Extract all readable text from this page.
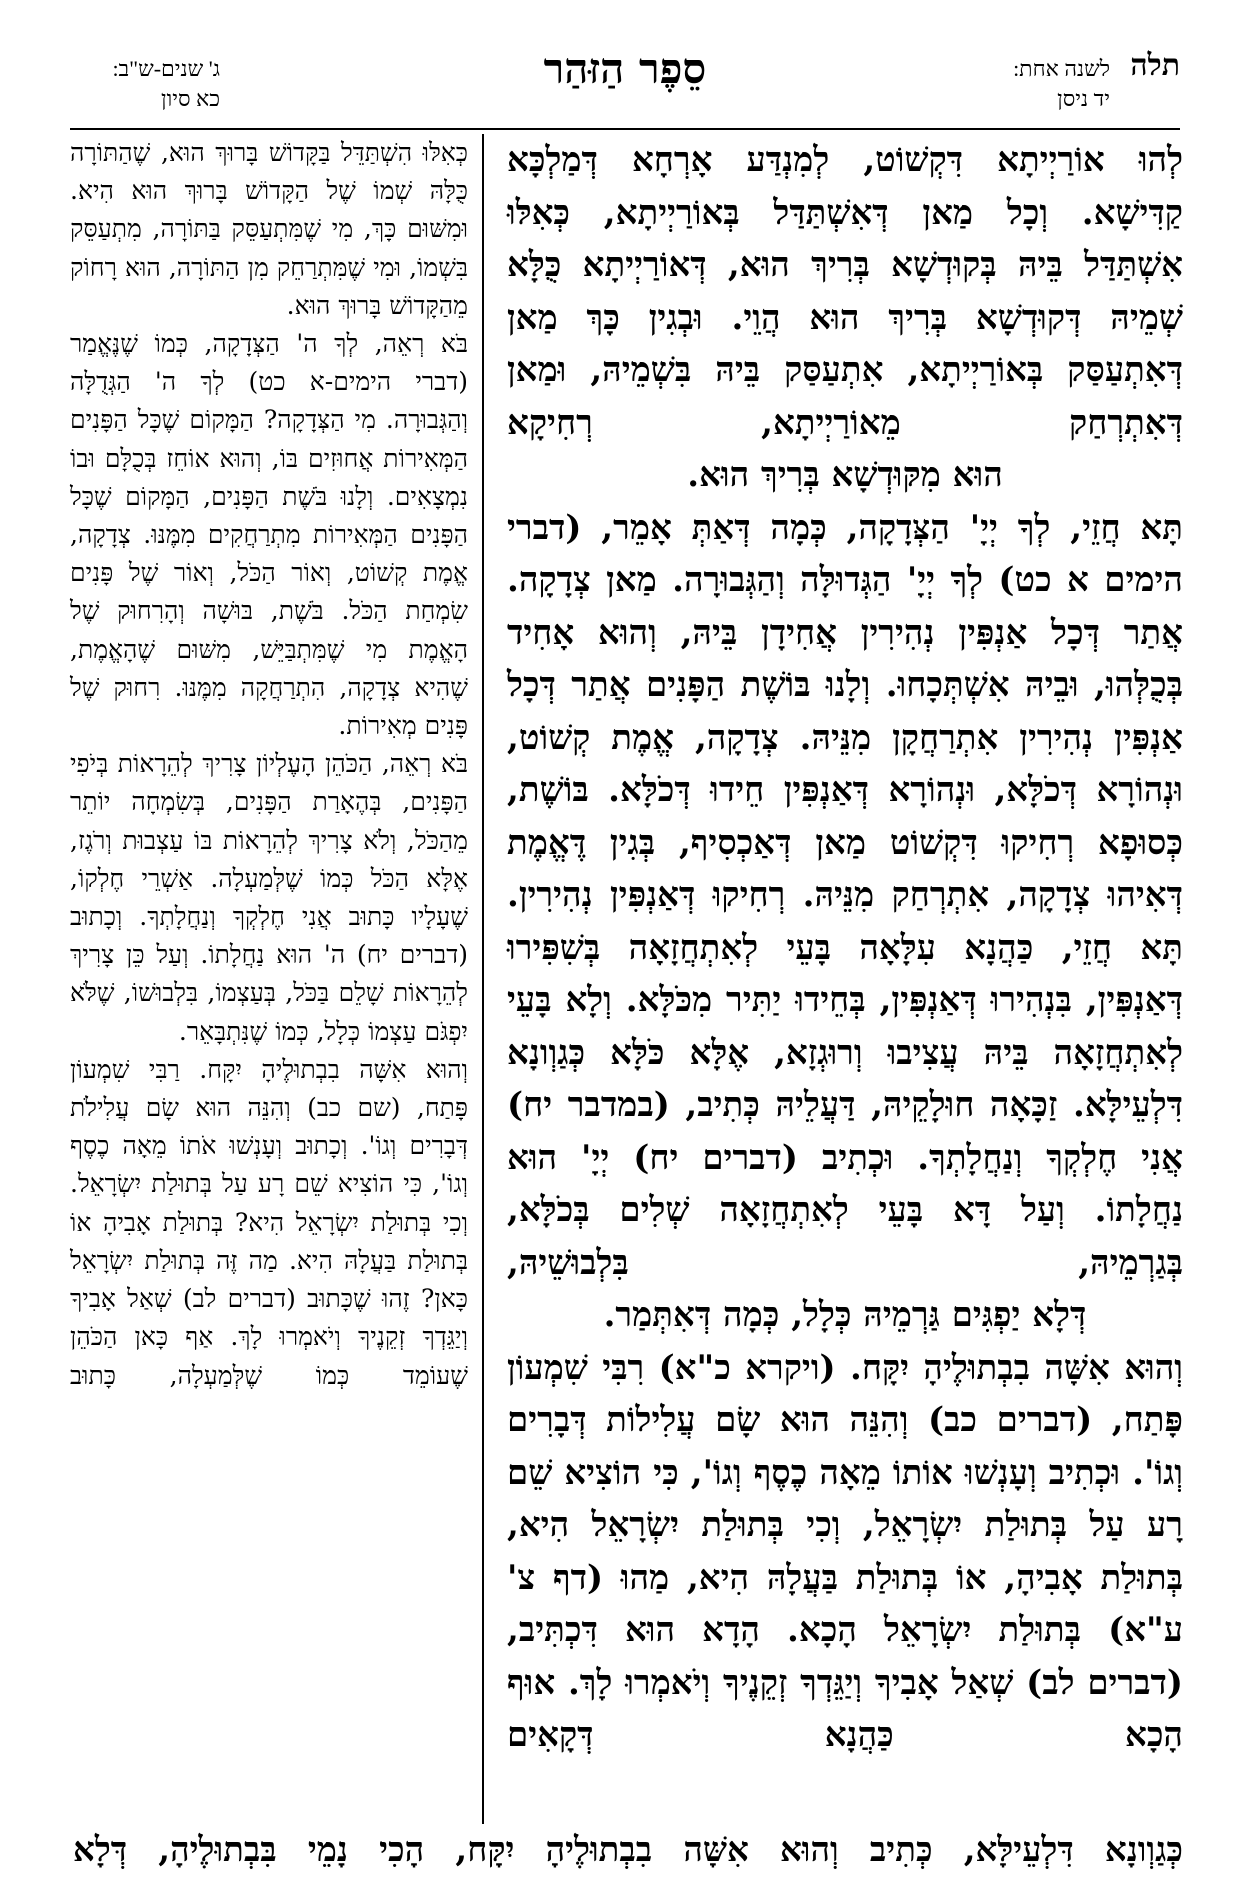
תלה
לשנה אחת:
יד ניסן
סֵפֶר הַזּהַר
ג' שנים-ש"ב:
כא סיון

לְהוּ אוֹרַיְיתָא דִּקְשׁוֹט, לְמִנְדַּע אָרְחָא דְּמַלְכָּא קַדִּישָׁא. וְכָל מַאן דְּאִשְׁתַּדַּל בְּאוֹרַיְיתָא, כְּאִלּוּ אִשְׁתַּדַּל בֵּיהּ בְּקוּדְשָׁא בְּרִיךְ הוּא, דְּאוֹרַיְיתָא כֻּלָּא שְׁמֵיהּ דְּקוּדְשָׁא בְּרִיךְ הוּא הֲוֵי. וּבְגִין כָּךְ מַאן דְּאִתְעַסַּק בְּאוֹרַיְיתָא, אִתְעַסַּק בֵּיהּ בִּשְׁמֵיהּ, וּמַאן דְּאִתְרְחַק מֵאוֹרַיְיתָא, רְחִיקָא

הוּא מִקּוּדְשָׁא בְּרִיךְ הוּא.

תָּא חֲזֵי, לְךָ יְיָ' הַצְּדָקָה, כְּמָה דְּאַתְּ אָמֵר, (דברי הימים א כט) לְךָ יְיָ' הַגְּדוּלָּה וְהַגְּבוּרָה. מַאן צְדָקָה. אֲתַר דְּכָל אַנְפִּין נְהִירִין אֲחִידָן בֵּיהּ, וְהוּא אָחִיד בְּכֻלְּהוּ, וּבֵיהּ אִשְׁתְּכָחוּ. וְלָנוּ בּוֹשֶׁת הַפָּנִים אֲתַר דְּכָל אַנְפִּין נְהִירִין אִתְרַחֲקָן מִנֵּיהּ. צְדָקָה, אֱמֶת קְשׁוֹט, וּנְהוֹרָא דְּכֹלָּא, וּנְהוֹרָא דְּאַנְפִּין חֵידוּ דְּכֹלָּא. בּוֹשֶׁת, כְּסוּפָא רְחִיקוּ דִּקְשׁוֹט מַאן דְּאַכְסִיף, בְּגִין דֶּאֱמֶת דְּאִיהוּ צְדָקָה, אִתְרְחַק מִנֵּיהּ. רְחִיקוּ דְּאַנְפִּין נְהִירִין.

תָּא חֲזֵי, כַּהֲנָא עִלָּאָה בָּעֵי לְאִתְחֲזָאָה בְּשִׁפִּירוּ דְּאַנְפִּין, בִּנְהִירוּ דְּאַנְפִּין, בְּחֵידוּ יַתִּיר מִכֹּלָּא. וְלָא בָּעֵי לְאִתְחֲזָאָה בֵּיהּ עֲצִיבוּ וְרוּגְזָא, אֶלָּא כֹּלָּא כְּגַוְונָא דִּלְעֵילָּא. זַכָּאָה חוּלָקֵיהּ, דַּעֲלֵיהּ כְּתִיב, (במדבר יח) אֲנִי חֶלְקְךָ וְנַחֲלָתְךָ. וּכְתִיב (דברים יח) יְיָ' הוּא נַחֲלָתוֹ. וְעַל דָּא בָּעֵי לְאִתְחֲזָאָה שְׁלִים בְּכֹלָּא, בְּגַרְמֵיהּ, בִּלְבוּשֵׁיהּ,

דְּלָא יַפְגִּים גַּרְמֵיהּ כְּלָל, כְּמָה דְּאִתְּמַר.

וְהוּא אִשָּׁה בִבְתוּלֶיהָ יִקָּח. (ויקרא כ"א) רִבִּי שִׁמְעוֹן פָּתַח, (דברים כב) וְהִנֵּה הוּא שָׂם עֲלִילוֹת דְּבָרִים וְגוֹ'. וּכְתִיב וְעָנְשׁוּ אוֹתוֹ מֵאָה כֶסֶף וְגוֹ', כִּי הוֹצִיא שֵׁם רָע עַל בְּתוּלַת יִשְׂרָאֵל, וְכִי בְּתוּלַת יִשְׂרָאֵל הִיא, בְּתוּלַת אָבִיהָ, אוֹ בְּתוּלַת בַּעֲלָהּ הִיא, מַהוּ (דף צ' ע"א) בְּתוּלַת יִשְׂרָאֵל הָכָא. הָדָא הוּא דִּכְתִּיב, (דברים לב) שְׁאַל אָבִיךָ וְיַגֵּדְךָ זְקֵנֶיךָ וְיֹאמְרוּ לָךְ. אוּף הָכָא כַּהֲנָא דְּקָאִים

כְּאִלּוּ הִשְׁתַּדֵּל בַּקָּדוֹשׁ בָּרוּךְ הוּא, שֶׁהַתּוֹרָה כֻּלָּהּ שְׁמוֹ שֶׁל הַקָּדוֹשׁ בָּרוּךְ הוּא הִיא. וּמִשּׁוּם כָּךְ, מִי שֶׁמִּתְעַסֵּק בַּתּוֹרָה, מִתְעַסֵּק בִּשְׁמוֹ, וּמִי שֶׁמִּתְרַחֵק מִן הַתּוֹרָה, הוּא רָחוֹק מֵהַקָּדוֹשׁ בָּרוּךְ הוּא.

בֹּא רְאֵה, לְךָ ה' הַצְּדָקָה, כְּמוֹ שֶׁנֶּאֱמַר (דברי הימים-א כט) לְךָ ה' הַגְּדֻלָּה וְהַגְּבוּרָה. מִי הַצְּדָקָה? הַמָּקוֹם שֶׁכָּל הַפָּנִים הַמְּאִירוֹת אֲחוּזִים בּוֹ, וְהוּא אוֹחֵז בְּכֻלָּם וּבוֹ נִמְצָאִים. וְלָנוּ בֹּשֶׁת הַפָּנִים, הַמָּקוֹם שֶׁכָּל הַפָּנִים הַמְּאִירוֹת מִתְרַחֲקִים מִמֶּנּוּ. צְדָקָה, אֱמֶת קְשׁוֹט, וְאוֹר הַכֹּל, וְאוֹר שֶׁל פָּנִים שִׂמְחַת הַכֹּל. בֹּשֶׁת, בּוּשָׁה וְהָרִחוּק שֶׁל הָאֱמֶת מִי שֶׁמִּתְבַּיֵּשׁ, מִשּׁוּם שֶׁהָאֱמֶת, שֶׁהִיא צְדָקָה, הִתְרַחֲקָה מִמֶּנּוּ. רִחוּק שֶׁל פָּנִים מְאִירוֹת.

בֹּא רְאֵה, הַכֹּהֵן הָעֶלְיוֹן צָרִיךְ לְהֵרָאוֹת בְּיֹפִי הַפָּנִים, בְּהֶאָרַת הַפָּנִים, בְּשִׂמְחָה יוֹתֵר מֵהַכֹּל, וְלֹא צָרִיךְ לְהֵרָאוֹת בּוֹ עַצְבוּת וְרֹגֶז, אֶלָּא הַכֹּל כְּמוֹ שֶׁלְּמַעְלָה. אַשְׁרֵי חֶלְקוֹ, שֶׁעָלָיו כָּתוּב אֲנִי חֶלְקְךָ וְנַחֲלָתְךָ. וְכָתוּב (דברים יח) ה' הוּא נַחֲלָתוֹ. וְעַל כֵּן צָרִיךְ לְהֵרָאוֹת שָׁלֵם בַּכֹּל, בְּעַצְמוֹ, בִּלְבוּשׁוֹ, שֶׁלֹּא יִפְגֹּם עַצְמוֹ כְּלָל, כְּמוֹ שֶׁנִּתְבָּאֵר.

וְהוּא אִשָּׁה בִבְתוּלֶיהָ יִקָּח. רַבִּי שִׁמְעוֹן פָּתַח, (שם כב) וְהִנֵּה הוּא שָׂם עֲלִילֹת דְּבָרִים וְגוֹ'. וְכָתוּב וְעָנְשׁוּ אֹתוֹ מֵאָה כֶסֶף וְגוֹ', כִּי הוֹצִיא שֵׁם רָע עַל בְּתוּלַת יִשְׂרָאֵל. וְכִי בְּתוּלַת יִשְׂרָאֵל הִיא? בְּתוּלַת אָבִיהָ אוֹ בְּתוּלַת בַּעֲלָהּ הִיא. מַה זֶּה בְּתוּלַת יִשְׂרָאֵל כָּאן? זֶהוּ שֶׁכָּתוּב (דברים לב) שְׁאַל אָבִיךָ וְיַגֵּדְךָ זְקֵנֶיךָ וְיֹאמְרוּ לָךְ. אַף כָּאן הַכֹּהֵן שֶׁעוֹמֵד כְּמוֹ שֶׁלְּמַעְלָה, כָּתוּב

כְּגַוְונָא דִּלְעֵילָּא, כְּתִיב וְהוּא אִשָּׁה בִבְתוּלֶיהָ יִקָּח, הָכִי נָמֵי בִּבְתוּלֶיהָ, דְּלָא
